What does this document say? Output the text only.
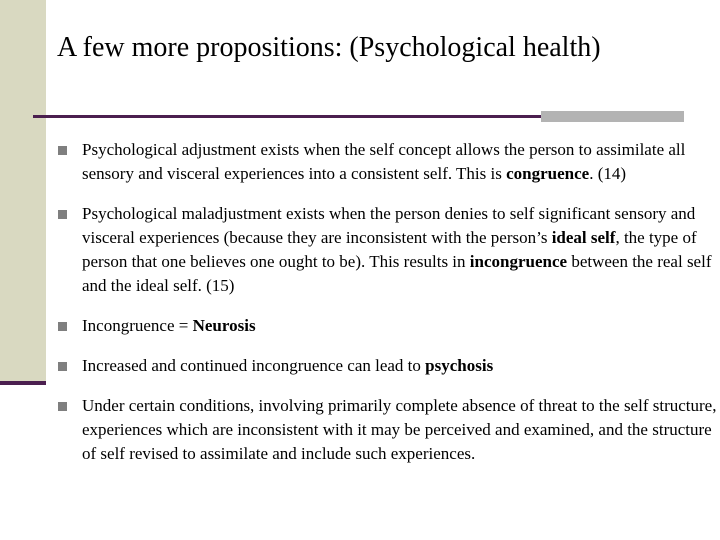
A few more propositions: (Psychological health)
Psychological adjustment exists when the self concept allows the person to assimilate all sensory and visceral experiences into a consistent self. This is congruence. (14)
Psychological maladjustment exists when the person denies to self significant sensory and visceral experiences (because they are inconsistent with the person’s ideal self, the type of person that one believes one ought to be). This results in incongruence between the real self and the ideal self. (15)
Incongruence = Neurosis
Increased and continued incongruence can lead to psychosis
Under certain conditions, involving primarily complete absence of threat to the self structure, experiences which are inconsistent with it may be perceived and examined, and the structure of self revised to assimilate and include such experiences.
